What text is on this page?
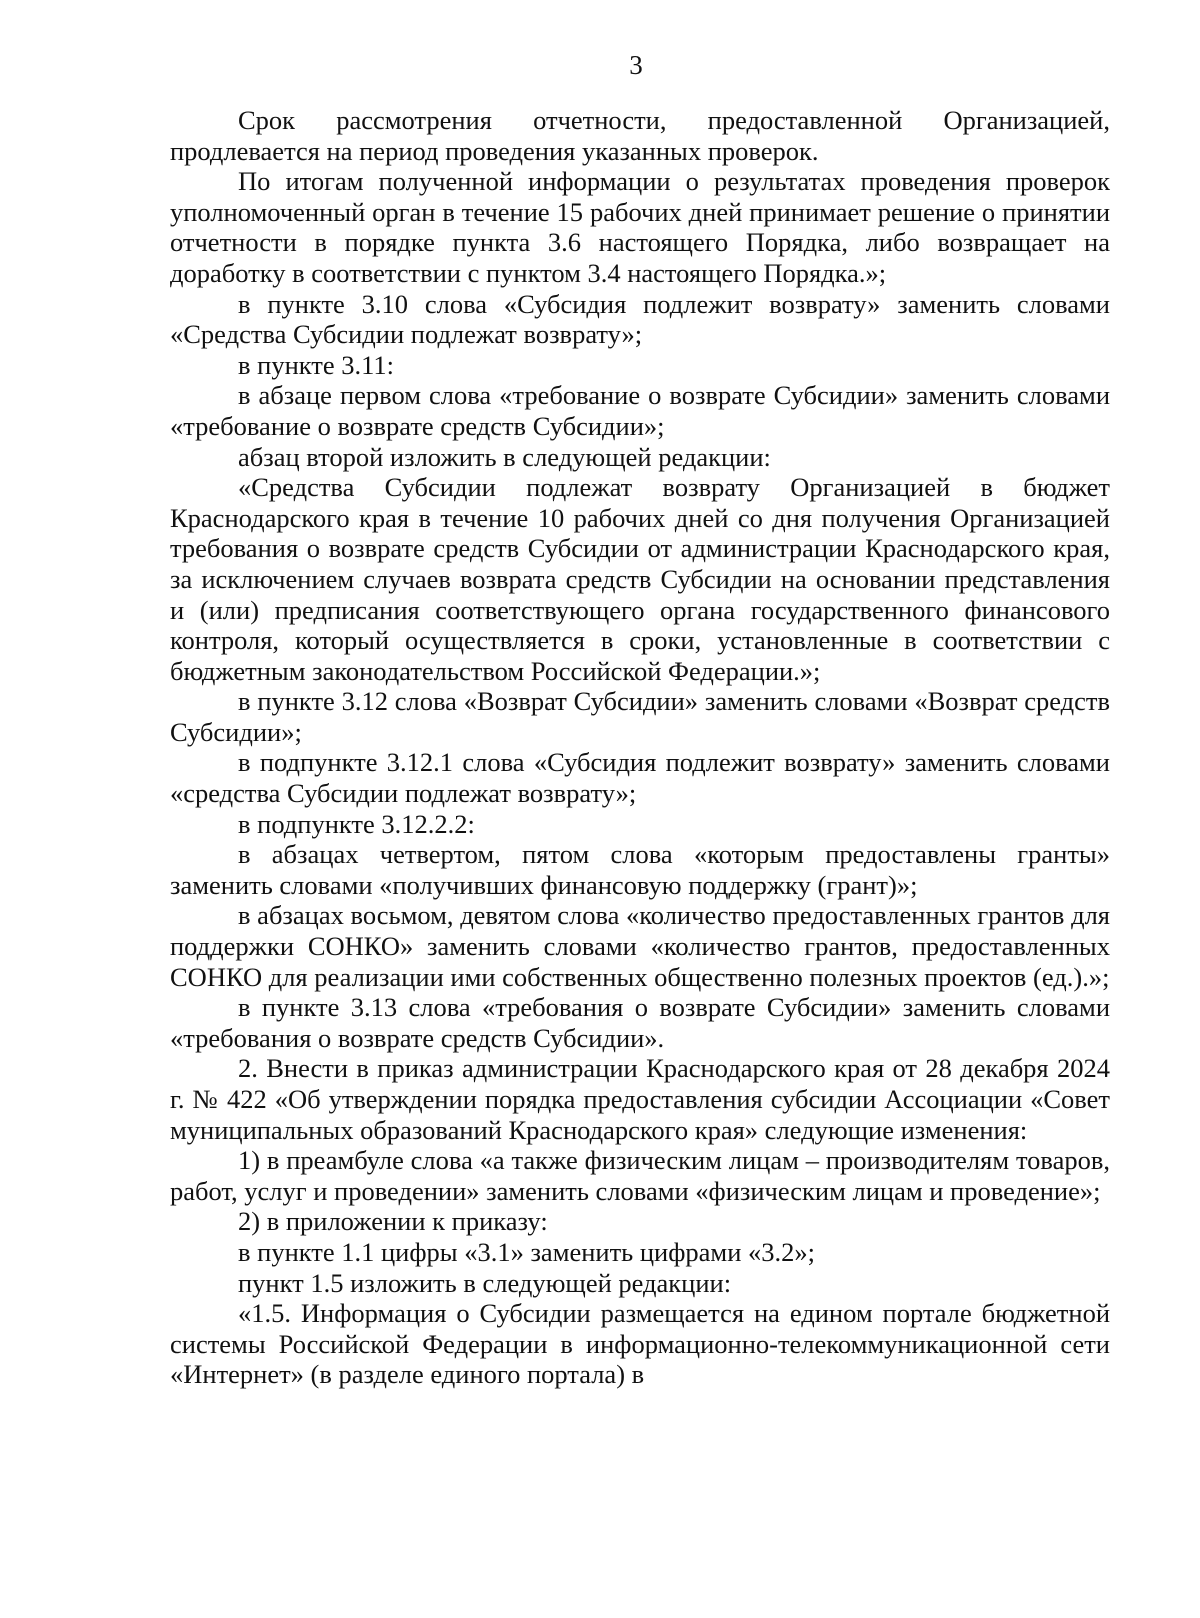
3

Срок рассмотрения отчетности, предоставленной Организацией, продлевается на период проведения указанных проверок.

По итогам полученной информации о результатах проведения проверок уполномоченный орган в течение 15 рабочих дней принимает решение о принятии отчетности в порядке пункта 3.6 настоящего Порядка, либо возвращает на доработку в соответствии с пунктом 3.4 настоящего Порядка.»;

в пункте 3.10 слова «Субсидия подлежит возврату» заменить словами «Средства Субсидии подлежат возврату»;

в пункте 3.11:

в абзаце первом слова «требование о возврате Субсидии» заменить словами «требование о возврате средств Субсидии»;

абзац второй изложить в следующей редакции:

«Средства Субсидии подлежат возврату Организацией в бюджет Краснодарского края в течение 10 рабочих дней со дня получения Организацией требования о возврате средств Субсидии от администрации Краснодарского края, за исключением случаев возврата средств Субсидии на основании представления и (или) предписания соответствующего органа государственного финансового контроля, который осуществляется в сроки, установленные в соответствии с бюджетным законодательством Российской Федерации.»;

в пункте 3.12 слова «Возврат Субсидии» заменить словами «Возврат средств Субсидии»;

в подпункте 3.12.1 слова «Субсидия подлежит возврату» заменить словами «средства Субсидии подлежат возврату»;

в подпункте 3.12.2.2:

в абзацах четвертом, пятом слова «которым предоставлены гранты» заменить словами «получивших финансовую поддержку (грант)»;

в абзацах восьмом, девятом слова «количество предоставленных грантов для поддержки СОНКО» заменить словами «количество грантов, предоставленных СОНКО для реализации ими собственных общественно полезных проектов (ед.).»;

в пункте 3.13 слова «требования о возврате Субсидии» заменить словами «требования о возврате средств Субсидии».

2. Внести в приказ администрации Краснодарского края от 28 декабря 2024 г. № 422 «Об утверждении порядка предоставления субсидии Ассоциации «Совет муниципальных образований Краснодарского края» следующие изменения:

1) в преамбуле слова «а также физическим лицам – производителям товаров, работ, услуг и проведении» заменить словами «физическим лицам и проведение»;

2) в приложении к приказу:

в пункте 1.1 цифры «3.1» заменить цифрами «3.2»;

пункт 1.5 изложить в следующей редакции:

«1.5. Информация о Субсидии размещается на едином портале бюджетной системы Российской Федерации в информационно-телекоммуникационной сети «Интернет» (в разделе единого портала) в
